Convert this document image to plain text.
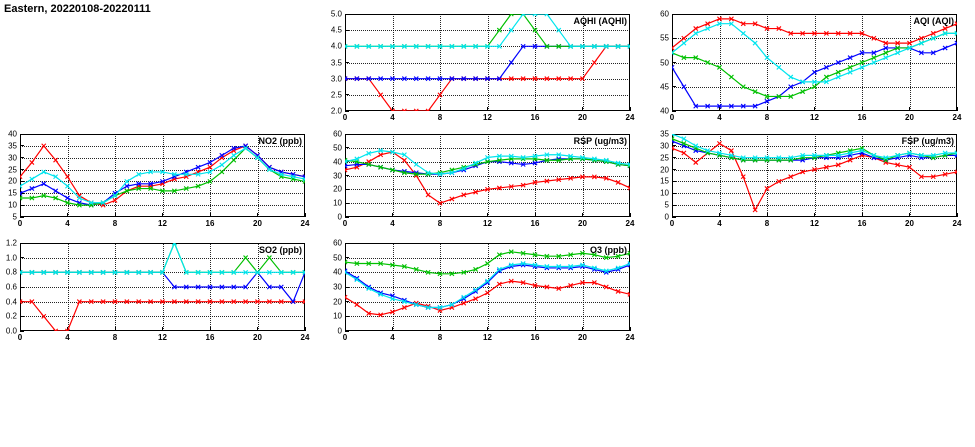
Eastern, 20220108-20220111
AQHI (AQHI)
2.0
2.5
3.0
3.5
4.0
4.5
5.0
0	4	8	12	16	20	24
AQI (AQI)
40
45
50
55
60
0	4	8	12	16	20	24
NO2 (ppb)
5
10
15
20
25
30
35
40
0	4	8	12	16	20	24
RSP (ug/m3)
0
10
20
30
40
50
60
0	4	8	12	16	20	24
FSP (ug/m3)
0
5
10
15
20
25
30
35
0	4	8	12	16	20	24
SO2 (ppb)
0.0
0.2
0.4
0.6
0.8
1.0
1.2
0	4	8	12	16	20	24
O3 (ppb)
0
10
20
30
40
50
60
0	4	8	12	16	20	24
